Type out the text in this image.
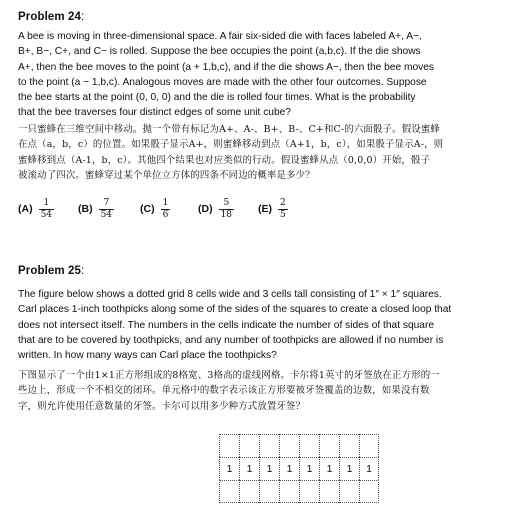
Problem 24:
A bee is moving in three-dimensional space. A fair six-sided die with faces labeled A+, A−,
B+, B−, C+, and C− is rolled. Suppose the bee occupies the point (a,b,c). If the die shows
A+, then the bee moves to the point (a + 1,b,c), and if the die shows A−, then the bee moves
to the point (a − 1,b,c). Analogous moves are made with the other four outcomes. Suppose
the bee starts at the point (0, 0, 0) and the die is rolled four times. What is the probability
that the bee traverses four distinct edges of some unit cube?
一只蜜蜂在三维空间中移动。抛一个带有标记为A+、A-、B+、B-、C+和C-的六面骰子。假设蜜蜂
在点（a，b，c）的位置。如果骰子显示A+，则蜜蜂移动到点（A+1，b，c），如果骰子显示A-，则
蜜蜂移到点（A-1，b，c）。其他四个结果也对应类似的行动。假设蜜蜂从点（0,0,0）开始，骰子
被滚动了四次。蜜蜂穿过某个单位立方体的四条不同边的概率是多少？
$(A) \frac{1}{54} (B) \frac{7}{54} (C) \frac{1}{6}$	$(D) \frac{5}{18} (E) \frac{2}{5}$
Problem 25:
The figure below shows a dotted grid 8 cells wide and 3 cells tall consisting of 1″ × 1″ squares.
Carl places 1-inch toothpicks along some of the sides of the squares to create a closed loop that
does not intersect itself. The numbers in the cells indicate the number of sides of that square
that are to be covered by toothpicks, and any number of toothpicks are allowed if no number is
written. In how many ways can Carl place the toothpicks?
下图显示了一个由1×1正方形组成的8格宽、3格高的虚线网格。卡尔将1英寸的牙签放在正方形的一
些边上，形成一个不相交的闭环。单元格中的数字表示该正方形要被牙签覆盖的边数，如果没有数
字，则允许使用任意数量的牙签。卡尔可以用多少种方式放置牙签？
1	1	1	1	1	1	1	1
